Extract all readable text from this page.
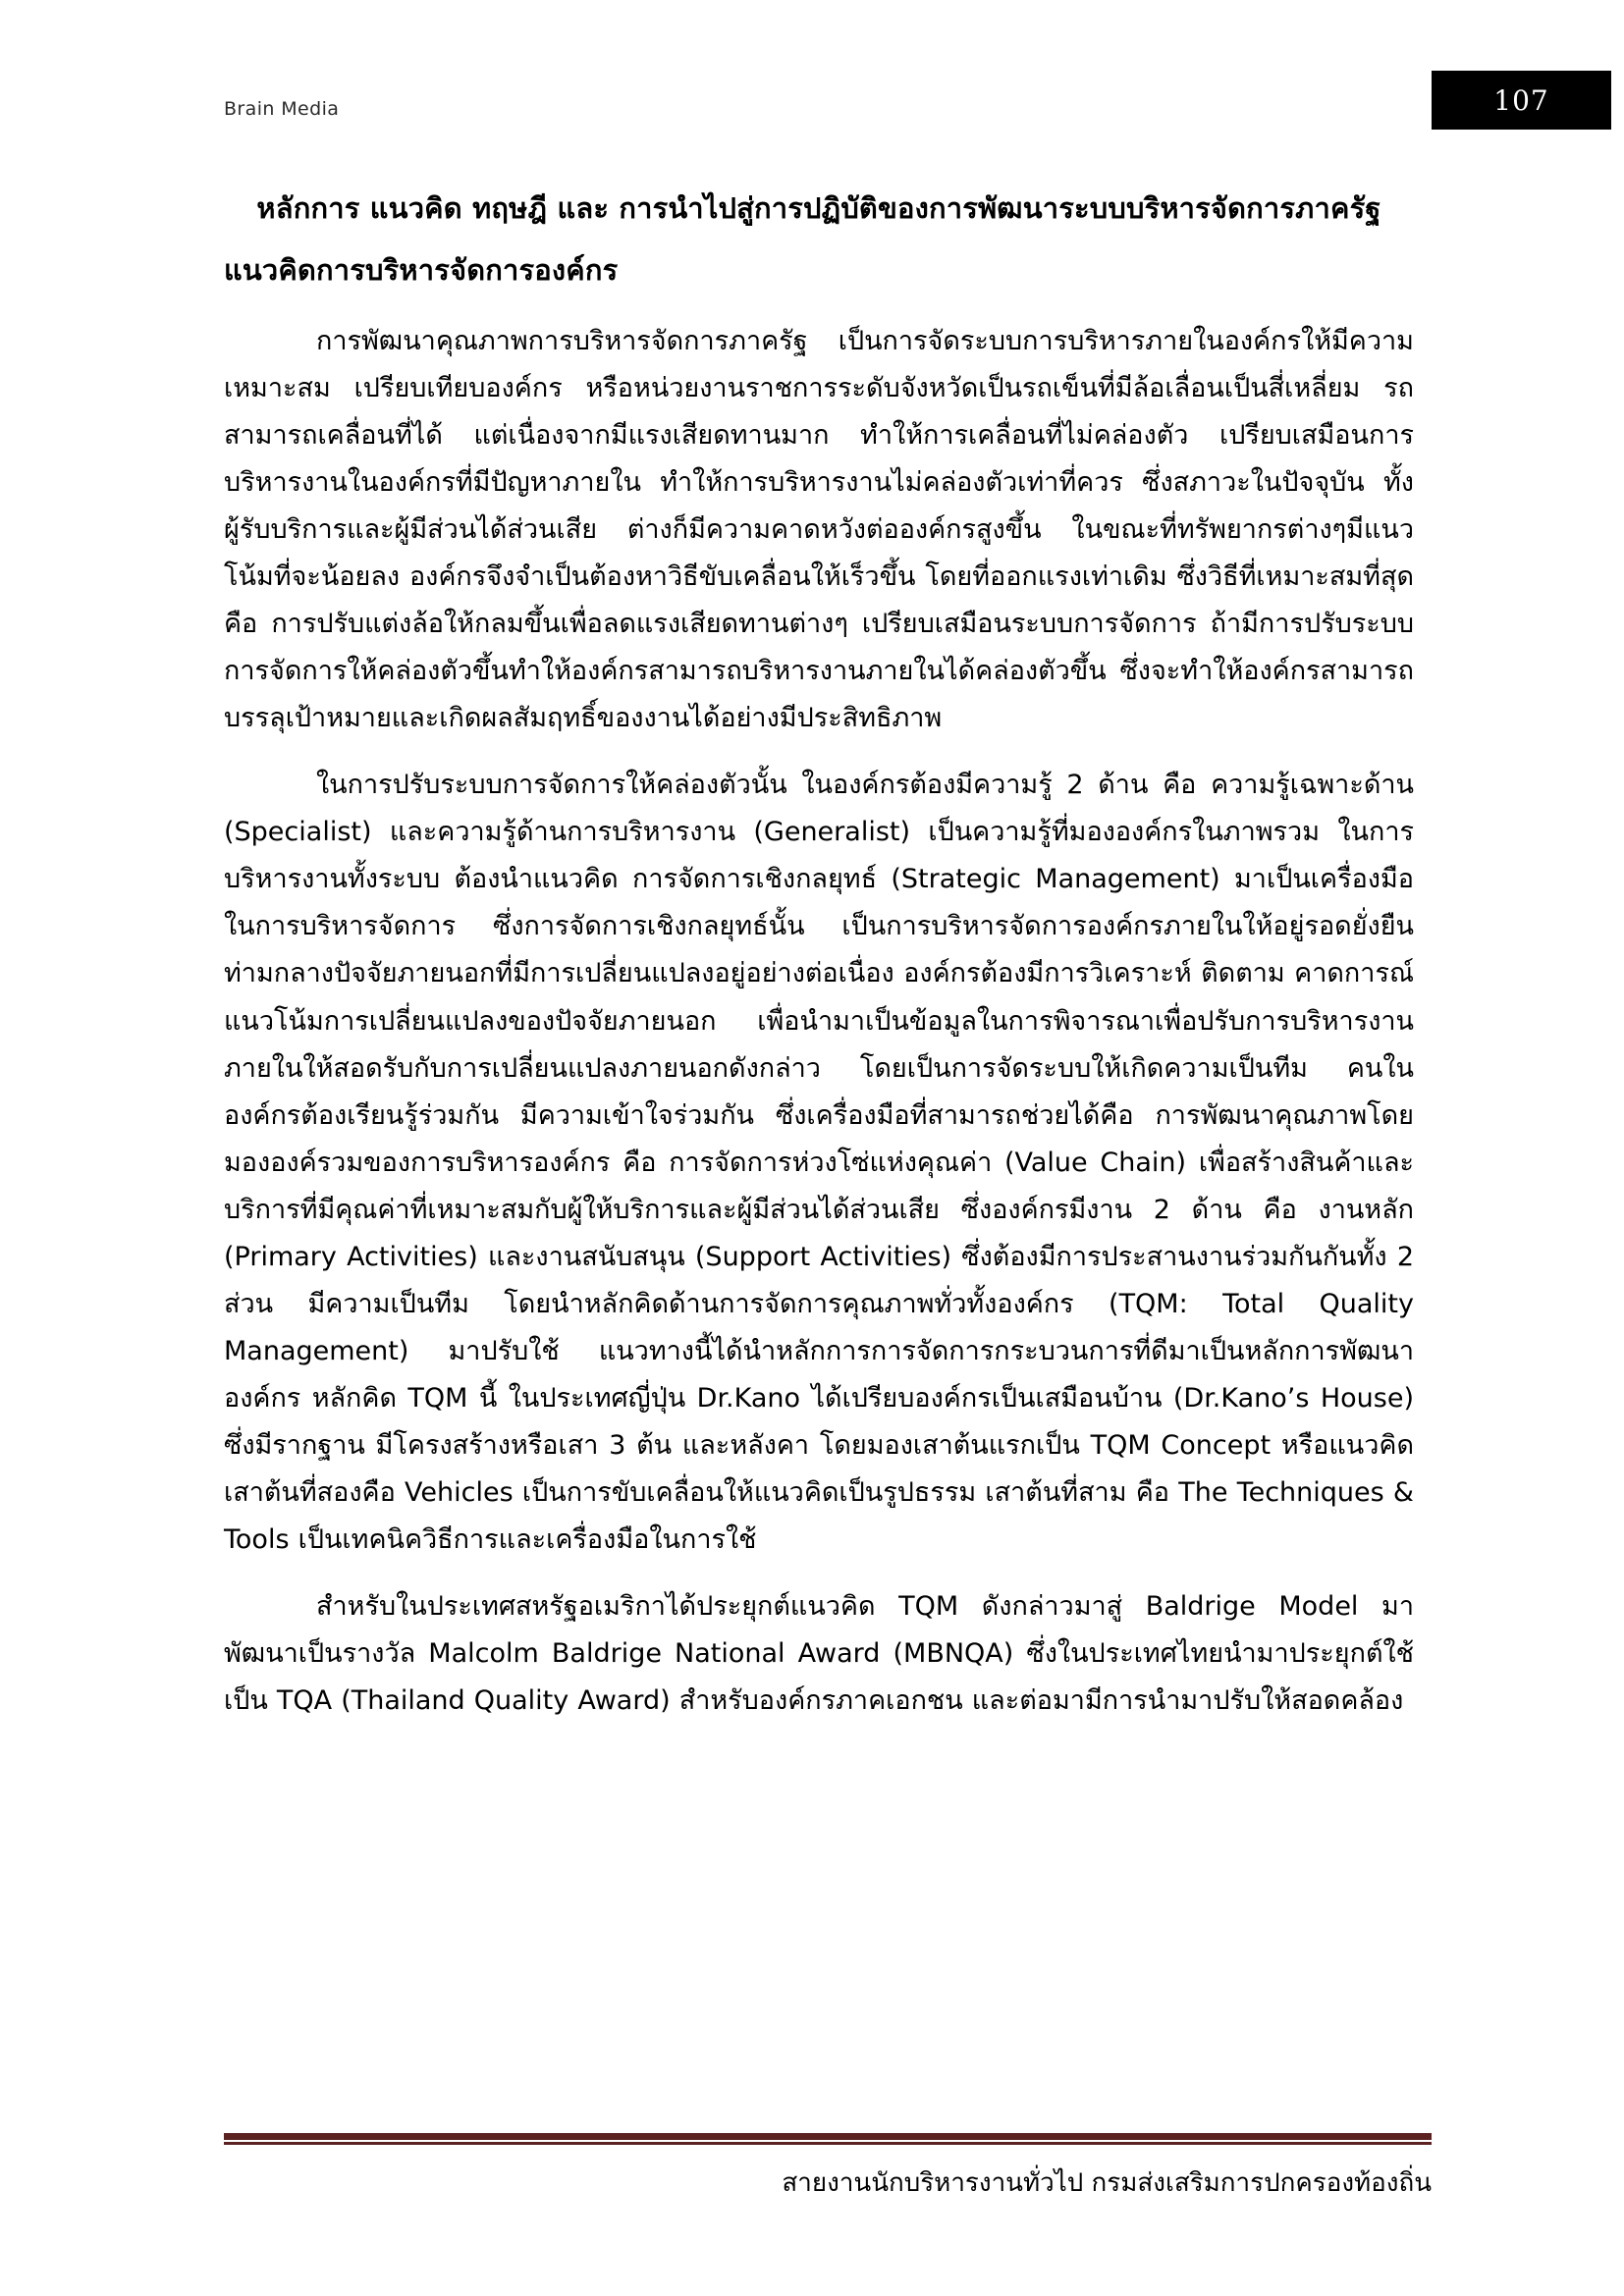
Brain Media	107
หลักการ แนวคิด ทฤษฎี และ การนำไปสู่การปฏิบัติของการพัฒนาระบบบริหารจัดการภาครัฐ
แนวคิดการบริหารจัดการองค์กร

การพัฒนาคุณภาพการบริหารจัดการภาครัฐ เป็นการจัดระบบการบริหารภายในองค์กรให้มีความเหมาะสม เปรียบเทียบองค์กร หรือหน่วยงานราชการระดับจังหวัดเป็นรถเข็นที่มีล้อเลื่อนเป็นสี่เหลี่ยม รถสามารถเคลื่อนที่ได้ แต่เนื่องจากมีแรงเสียดทานมาก ทำให้การเคลื่อนที่ไม่คล่องตัว เปรียบเสมือนการบริหารงานในองค์กรที่มีปัญหาภายใน ทำให้การบริหารงานไม่คล่องตัวเท่าที่ควร ซึ่งสภาวะในปัจจุบัน ทั้งผู้รับบริการและผู้มีส่วนได้ส่วนเสีย ต่างก็มีความคาดหวังต่อองค์กรสูงขึ้น ในขณะที่ทรัพยากรต่างๆมีแนวโน้มที่จะน้อยลง องค์กรจึงจำเป็นต้องหาวิธีขับเคลื่อนให้เร็วขึ้น โดยที่ออกแรงเท่าเดิม ซึ่งวิธีที่เหมาะสมที่สุด คือ การปรับแต่งล้อให้กลมขึ้นเพื่อลดแรงเสียดทานต่างๆ เปรียบเสมือนระบบการจัดการ ถ้ามีการปรับระบบการจัดการให้คล่องตัวขึ้นทำให้องค์กรสามารถบริหารงานภายในได้คล่องตัวขึ้น ซึ่งจะทำให้องค์กรสามารถบรรลุเป้าหมายและเกิดผลสัมฤทธิ์ของงานได้อย่างมีประสิทธิภาพ

ในการปรับระบบการจัดการให้คล่องตัวนั้น ในองค์กรต้องมีความรู้ 2 ด้าน คือ ความรู้เฉพาะด้าน (Specialist) และความรู้ด้านการบริหารงาน (Generalist) เป็นความรู้ที่มององค์กรในภาพรวม ในการบริหารงานทั้งระบบ ต้องนำแนวคิด การจัดการเชิงกลยุทธ์ (Strategic Management) มาเป็นเครื่องมือในการบริหารจัดการ ซึ่งการจัดการเชิงกลยุทธ์นั้น เป็นการบริหารจัดการองค์กรภายในให้อยู่รอดยั่งยืน ท่ามกลางปัจจัยภายนอกที่มีการเปลี่ยนแปลงอยู่อย่างต่อเนื่อง องค์กรต้องมีการวิเคราะห์ ติดตาม คาดการณ์แนวโน้มการเปลี่ยนแปลงของปัจจัยภายนอก เพื่อนำมาเป็นข้อมูลในการพิจารณาเพื่อปรับการบริหารงานภายในให้สอดรับกับการเปลี่ยนแปลงภายนอกดังกล่าว โดยเป็นการจัดระบบให้เกิดความเป็นทีม คนในองค์กรต้องเรียนรู้ร่วมกัน มีความเข้าใจร่วมกัน ซึ่งเครื่องมือที่สามารถช่วยได้คือ การพัฒนาคุณภาพโดยมององค์รวมของการบริหารองค์กร คือ การจัดการห่วงโซ่แห่งคุณค่า (Value Chain) เพื่อสร้างสินค้าและบริการที่มีคุณค่าที่เหมาะสมกับผู้ให้บริการและผู้มีส่วนได้ส่วนเสีย ซึ่งองค์กรมีงาน 2 ด้าน คือ งานหลัก (Primary Activities) และงานสนับสนุน (Support Activities) ซึ่งต้องมีการประสานงานร่วมกันกันทั้ง 2 ส่วน มีความเป็นทีม โดยนำหลักคิดด้านการจัดการคุณภาพทั่วทั้งองค์กร (TQM: Total Quality Management) มาปรับใช้ แนวทางนี้ได้นำหลักการการจัดการกระบวนการที่ดีมาเป็นหลักการพัฒนาองค์กร หลักคิด TQM นี้ ในประเทศญี่ปุ่น Dr.Kano ได้เปรียบองค์กรเป็นเสมือนบ้าน (Dr.Kano’s House) ซึ่งมีรากฐาน มีโครงสร้างหรือเสา 3 ต้น และหลังคา โดยมองเสาต้นแรกเป็น TQM Concept หรือแนวคิด เสาต้นที่สองคือ Vehicles เป็นการขับเคลื่อนให้แนวคิดเป็นรูปธรรม เสาต้นที่สาม คือ The Techniques & Tools เป็นเทคนิควิธีการและเครื่องมือในการใช้

สำหรับในประเทศสหรัฐอเมริกาได้ประยุกต์แนวคิด TQM ดังกล่าวมาสู่ Baldrige Model มาพัฒนาเป็นรางวัล Malcolm Baldrige National Award (MBNQA) ซึ่งในประเทศไทยนำมาประยุกต์ใช้เป็น TQA (Thailand Quality Award) สำหรับองค์กรภาคเอกชน และต่อมามีการนำมาปรับให้สอดคล้อง

สายงานนักบริหารงานทั่วไป กรมส่งเสริมการปกครองท้องถิ่น
